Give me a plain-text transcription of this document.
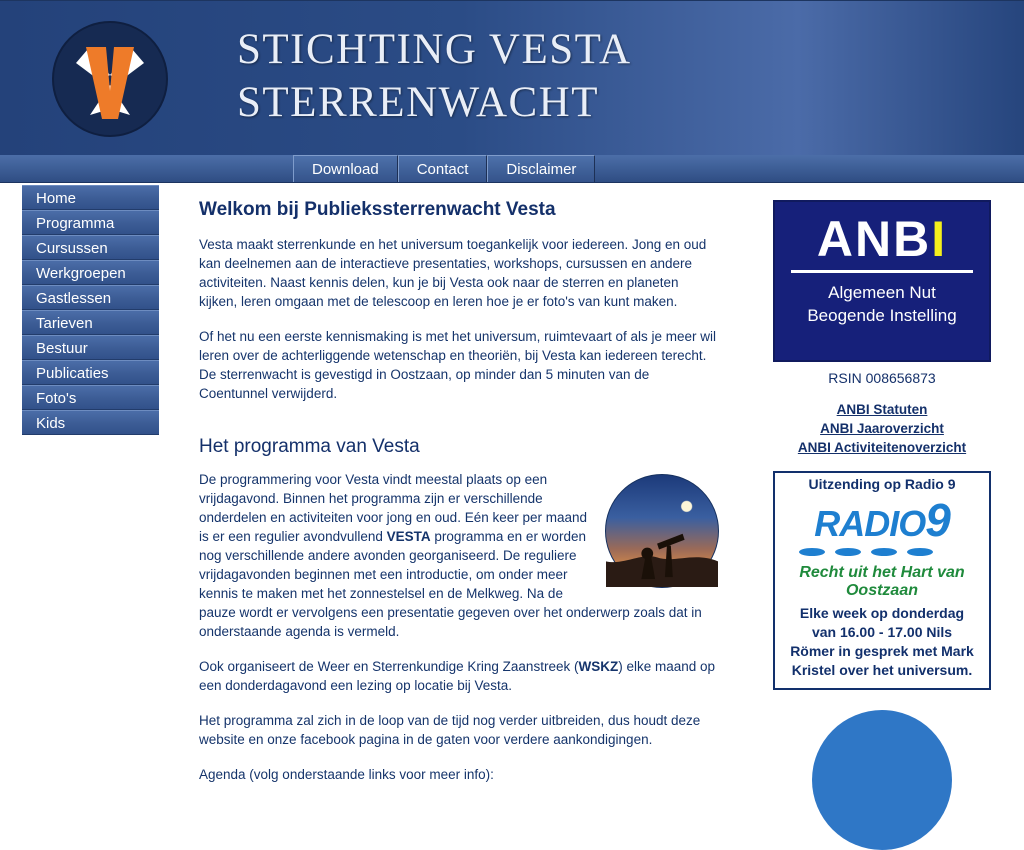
STICHTING VESTA
STERRENWACHT
Download	Contact	Disclaimer
Home
Programma
Cursussen
Werkgroepen
Gastlessen
Tarieven
Bestuur
Publicaties
Foto's
Kids
Welkom bij Publiekssterrenwacht Vesta

Vesta maakt sterrenkunde en het universum toegankelijk voor iedereen. Jong en oud kan deelnemen aan de interactieve presentaties, workshops, cursussen en andere activiteiten. Naast kennis delen, kun je bij Vesta ook naar de sterren en planeten kijken, leren omgaan met de telescoop en leren hoe je er foto's van kunt maken.

Of het nu een eerste kennismaking is met het universum, ruimtevaart of als je meer wil leren over de achterliggende wetenschap en theoriën, bij Vesta kan iedereen terecht. De sterrenwacht is gevestigd in Oostzaan, op minder dan 5 minuten van de Coentunnel verwijderd.

Het programma van Vesta

De programmering voor Vesta vindt meestal plaats op een vrijdagavond. Binnen het programma zijn er verschillende onderdelen en activiteiten voor jong en oud. Eén keer per maand is er een regulier avondvullend VESTA programma en er worden nog verschillende andere avonden georganiseerd. De reguliere vrijdagavonden beginnen met een introductie, om onder meer kennis te maken met het zonnestelsel en de Melkweg. Na de pauze wordt er vervolgens een presentatie gegeven over het onderwerp zoals dat in onderstaande agenda is vermeld.

Ook organiseert de Weer en Sterrenkundige Kring Zaanstreek (WSKZ) elke maand op een donderdagavond een lezing op locatie bij Vesta.

Het programma zal zich in de loop van de tijd nog verder uitbreiden, dus houdt deze website en onze facebook pagina in de gaten voor verdere aankondigingen.

Agenda (volg onderstaande links voor meer info):

ANBI
Algemeen Nut
Beogende Instelling
RSIN 008656873
ANBI Statuten
ANBI Jaaroverzicht
ANBI Activiteitenoverzicht
Uitzending op Radio 9
RADIO9
Recht uit het Hart van Oostzaan
Elke week op donderdag
van 16.00 - 17.00 Nils
Römer in gesprek met Mark
Kristel over het universum.
